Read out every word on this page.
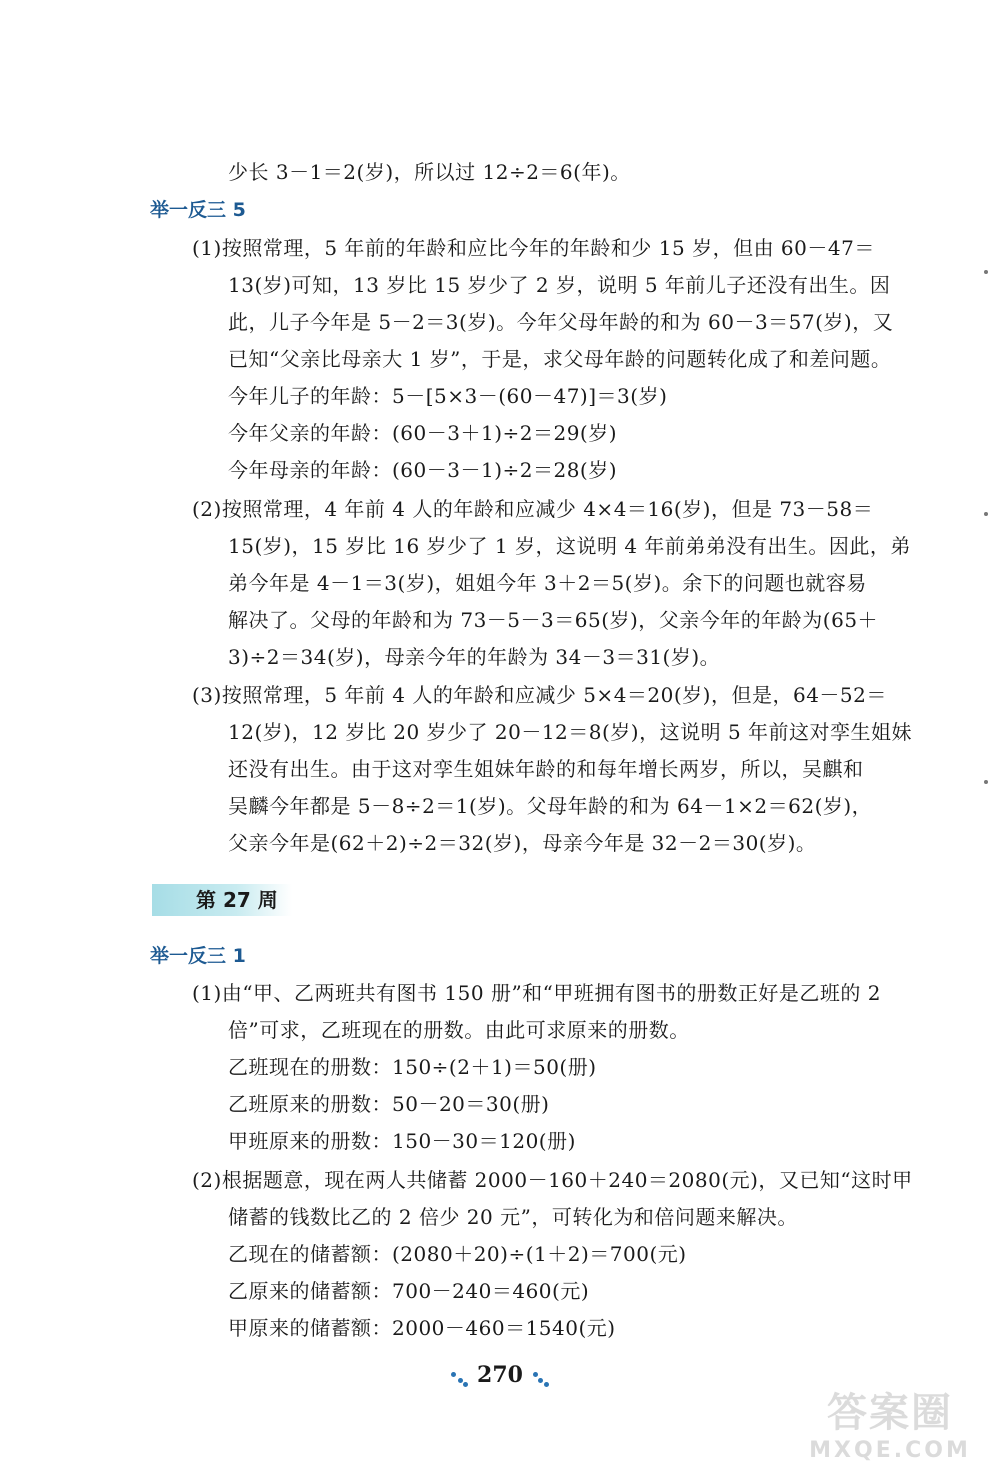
少长 3－1＝2(岁)，所以过 12÷2＝6(年)。
举一反三 5
(1)按照常理，5 年前的年龄和应比今年的年龄和少 15 岁，但由 60－47＝
13(岁)可知，13 岁比 15 岁少了 2 岁，说明 5 年前儿子还没有出生。因
此，儿子今年是 5－2＝3(岁)。今年父母年龄的和为 60－3＝57(岁)，又
已知“父亲比母亲大 1 岁”，于是，求父母年龄的问题转化成了和差问题。
今年儿子的年龄：5－[5×3－(60－47)]＝3(岁)
今年父亲的年龄：(60－3＋1)÷2＝29(岁)
今年母亲的年龄：(60－3－1)÷2＝28(岁)
(2)按照常理，4 年前 4 人的年龄和应减少 4×4＝16(岁)，但是 73－58＝
15(岁)，15 岁比 16 岁少了 1 岁，这说明 4 年前弟弟没有出生。因此，弟
弟今年是 4－1＝3(岁)，姐姐今年 3＋2＝5(岁)。余下的问题也就容易
解决了。父母的年龄和为 73－5－3＝65(岁)，父亲今年的年龄为(65＋
3)÷2＝34(岁)，母亲今年的年龄为 34－3＝31(岁)。
(3)按照常理，5 年前 4 人的年龄和应减少 5×4＝20(岁)，但是，64－52＝
12(岁)，12 岁比 20 岁少了 20－12＝8(岁)，这说明 5 年前这对孪生姐妹
还没有出生。由于这对孪生姐妹年龄的和每年增长两岁，所以，吴麒和
吴麟今年都是 5－8÷2＝1(岁)。父母年龄的和为 64－1×2＝62(岁)，
父亲今年是(62＋2)÷2＝32(岁)，母亲今年是 32－2＝30(岁)。
第 27 周
举一反三 1
(1)由“甲、乙两班共有图书 150 册”和“甲班拥有图书的册数正好是乙班的 2
倍”可求，乙班现在的册数。由此可求原来的册数。
乙班现在的册数：150÷(2＋1)＝50(册)
乙班原来的册数：50－20＝30(册)
甲班原来的册数：150－30＝120(册)
(2)根据题意，现在两人共储蓄 2000－160＋240＝2080(元)，又已知“这时甲
储蓄的钱数比乙的 2 倍少 20 元”，可转化为和倍问题来解决。
乙现在的储蓄额：(2080＋20)÷(1＋2)＝700(元)
乙原来的储蓄额：700－240＝460(元)
甲原来的储蓄额：2000－460＝1540(元)
270
答案圈
MXQE.COM
